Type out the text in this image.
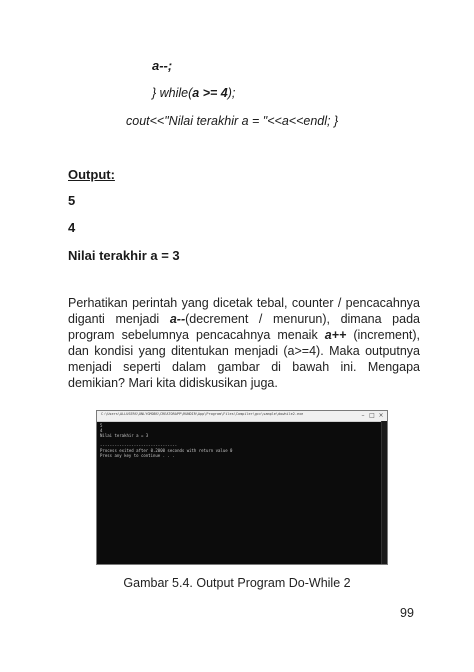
a--;
} while(a >= 4);
cout<<"Nilai terakhir a = "<<a<<endl; }
Output:
5
4
Nilai terakhir a = 3
Perhatikan perintah yang dicetak tebal, counter / pencacahnya diganti menjadi a--(decrement / menurun), dimana pada program sebelumnya pencacahnya menaik a++ (increment), dan kondisi yang ditentukan menjadi (a>=4). Maka outputnya menjadi seperti dalam gambar di bawah ini. Mengapa demikian? Mari kita didiskusikan juga.
C:\Users\ALLUSERS\ONLYGMOBS\CREATORAPP\RUNDIR\App\Program\Files\Compiler\gcc\sample\dowhile2.exe	– □ ×
5
4
Nilai terakhir a = 3

--------------------------------
Process exited after 0.2000 seconds with return value 0
Press any key to continue . . .
Gambar 5.4. Output Program Do-While 2
99
